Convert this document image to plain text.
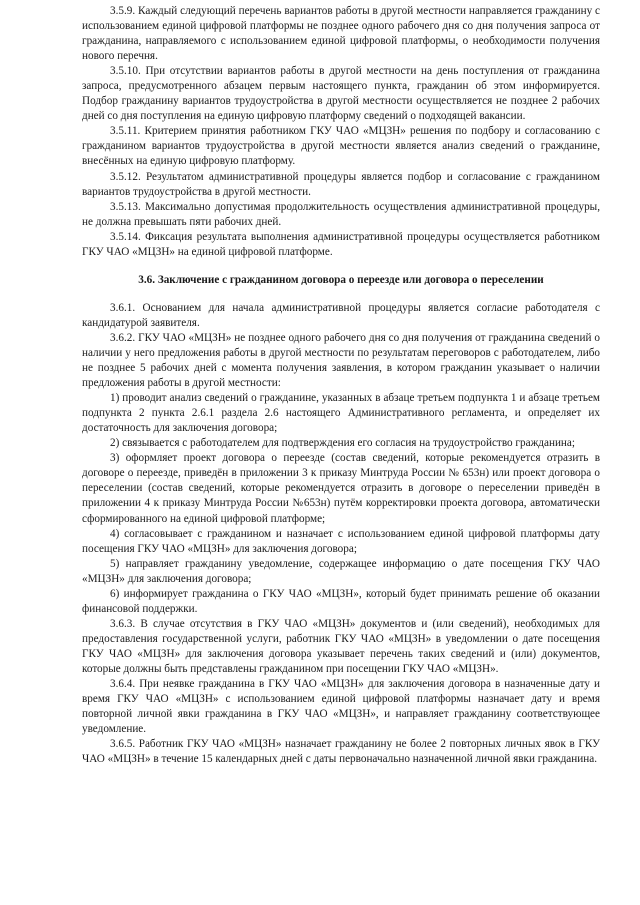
3.5.9. Каждый следующий перечень вариантов работы в другой местности направляется гражданину с использованием единой цифровой платформы не позднее одного рабочего дня со дня получения запроса от гражданина, направляемого с использованием единой цифровой платформы, о необходимости получения нового перечня.

3.5.10. При отсутствии вариантов работы в другой местности на день поступления от гражданина запроса, предусмотренного абзацем первым настоящего пункта, гражданин об этом информируется. Подбор гражданину вариантов трудоустройства в другой местности осуществляется не позднее 2 рабочих дней со дня поступления на единую цифровую платформу сведений о подходящей вакансии.

3.5.11. Критерием принятия работником ГКУ ЧАО «МЦЗН» решения по подбору и согласованию с гражданином вариантов трудоустройства в другой местности является анализ сведений о гражданине, внесённых на единую цифровую платформу.

3.5.12. Результатом административной процедуры является подбор и согласование с гражданином вариантов трудоустройства в другой местности.

3.5.13. Максимально допустимая продолжительность осуществления административной процедуры, не должна превышать пяти рабочих дней.

3.5.14. Фиксация результата выполнения административной процедуры осуществляется работником ГКУ ЧАО «МЦЗН» на единой цифровой платформе.

3.6. Заключение с гражданином договора о переезде или договора о переселении

3.6.1. Основанием для начала административной процедуры является согласие работодателя с кандидатурой заявителя.

3.6.2. ГКУ ЧАО «МЦЗН» не позднее одного рабочего дня со дня получения от гражданина сведений о наличии у него предложения работы в другой местности по результатам переговоров с работодателем, либо не позднее 5 рабочих дней с момента получения заявления, в котором гражданин указывает о наличии предложения работы в другой местности:

1) проводит анализ сведений о гражданине, указанных в абзаце третьем подпункта 1 и абзаце третьем подпункта 2 пункта 2.6.1 раздела 2.6 настоящего Административного регламента, и определяет их достаточность для заключения договора;

2) связывается с работодателем для подтверждения его согласия на трудоустройство гражданина;

3) оформляет проект договора о переезде (состав сведений, которые рекомендуется отразить в договоре о переезде, приведён в приложении 3 к приказу Минтруда России № 653н) или проект договора о переселении (состав сведений, которые рекомендуется отразить в договоре о переселении приведён в приложении 4 к приказу Минтруда России №653н) путём корректировки проекта договора, автоматически сформированного на единой цифровой платформе;

4) согласовывает с гражданином и назначает с использованием единой цифровой платформы дату посещения ГКУ ЧАО «МЦЗН» для заключения договора;

5) направляет гражданину уведомление, содержащее информацию о дате посещения ГКУ ЧАО «МЦЗН» для заключения договора;

6) информирует гражданина о ГКУ ЧАО «МЦЗН», который будет принимать решение об оказании финансовой поддержки.

3.6.3. В случае отсутствия в ГКУ ЧАО «МЦЗН» документов и (или сведений), необходимых для предоставления государственной услуги, работник ГКУ ЧАО «МЦЗН» в уведомлении о дате посещения ГКУ ЧАО «МЦЗН» для заключения договора указывает перечень таких сведений и (или) документов, которые должны быть представлены гражданином при посещении ГКУ ЧАО «МЦЗН».

3.6.4. При неявке гражданина в ГКУ ЧАО «МЦЗН» для заключения договора в назначенные дату и время ГКУ ЧАО «МЦЗН» с использованием единой цифровой платформы назначает дату и время повторной личной явки гражданина в ГКУ ЧАО «МЦЗН», и направляет гражданину соответствующее уведомление.

3.6.5. Работник ГКУ ЧАО «МЦЗН» назначает гражданину не более 2 повторных личных явок в ГКУ ЧАО «МЦЗН» в течение 15 календарных дней с даты первоначально назначенной личной явки гражданина.
